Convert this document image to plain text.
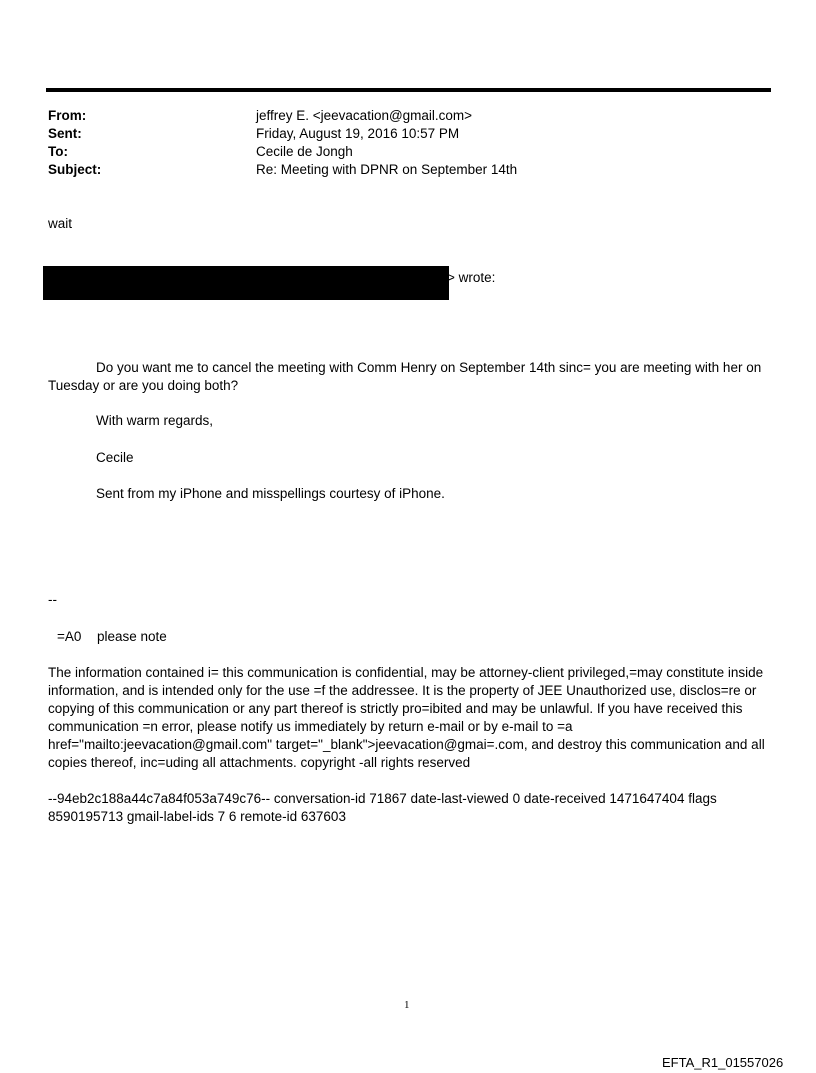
From:	jeffrey E. <jeevacation@gmail.com>
Sent:	Friday, August 19, 2016 10:57 PM
To:	Cecile de Jongh
Subject:	Re: Meeting with DPNR on September 14th
wait
> wrote:
Do you want me to cancel the meeting with Comm Henry on September 14th sinc= you are meeting with her on Tuesday or are you doing both?
With warm regards,
Cecile
Sent from my iPhone and misspellings courtesy of iPhone.
--
=A0 please note
The information contained i= this communication is confidential, may be attorney-client privileged,=may constitute inside information, and is intended only for the use =f the addressee. It is the property of JEE Unauthorized use, disclos=re or copying of this communication or any part thereof is strictly pro=ibited and may be unlawful. If you have received this communication =n error, please notify us immediately by return e-mail or by e-mail to =a href="mailto:jeevacation@gmail.com" target="_blank">jeevacation@gmai=.com, and destroy this communication and all copies thereof, inc=uding all attachments. copyright -all rights reserved
--94eb2c188a44c7a84f053a749c76-- conversation-id 71867 date-last-viewed 0 date-received 1471647404 flags 8590195713 gmail-label-ids 7 6 remote-id 637603
1
EFTA_R1_01557026
